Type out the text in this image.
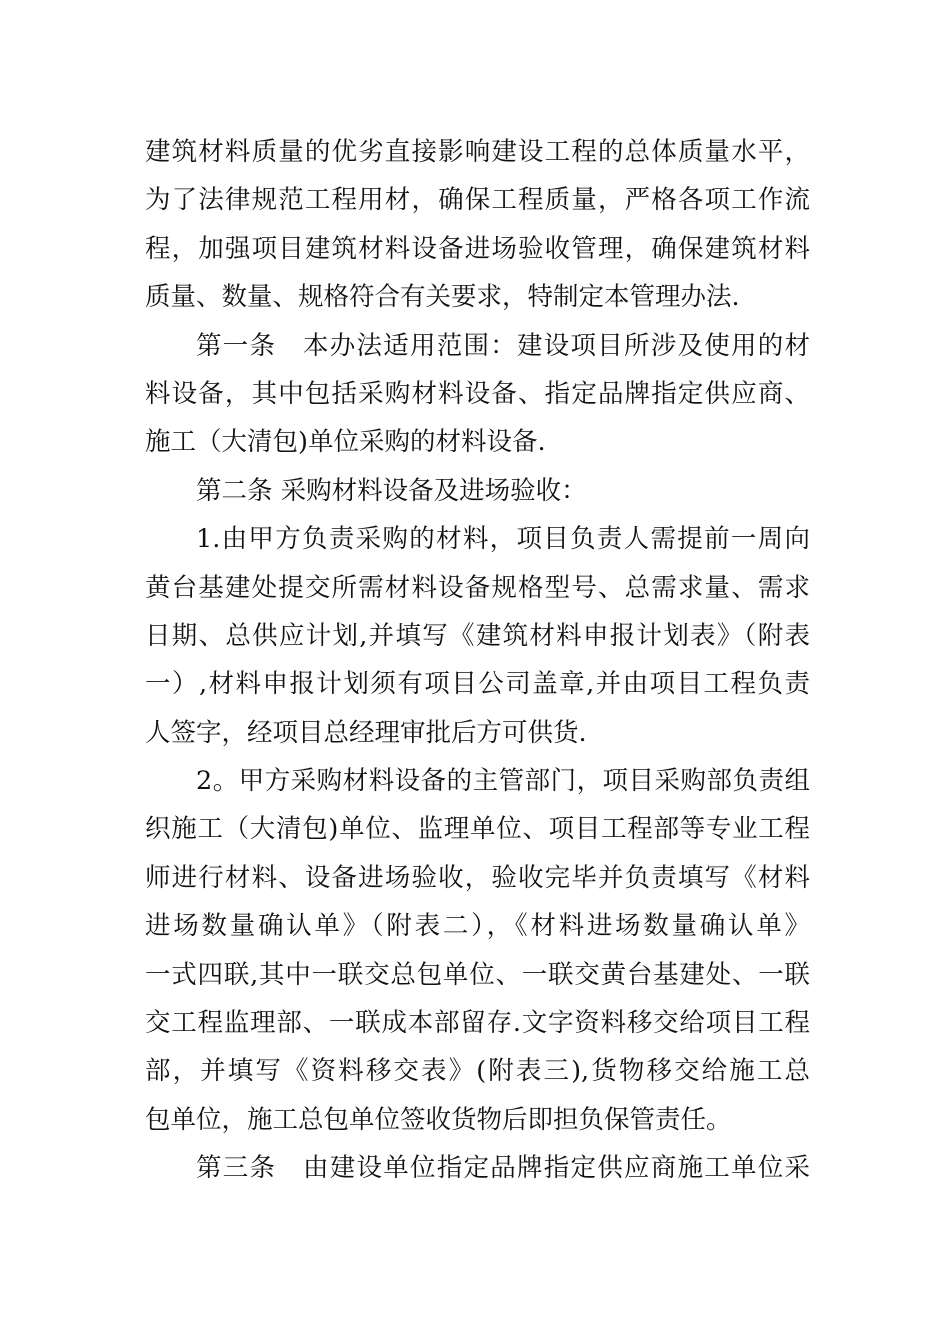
建筑材料质量的优劣直接影响建设工程的总体质量水平，
为了法律规范工程用材，确保工程质量，严格各项工作流
程，加强项目建筑材料设备进场验收管理，确保建筑材料
质量、数量、规格符合有关要求，特制定本管理办法.
第一条　本办法适用范围：建设项目所涉及使用的材
料设备，其中包括采购材料设备、指定品牌指定供应商、
施工（大清包)单位采购的材料设备.
第二条 采购材料设备及进场验收：
1.由甲方负责采购的材料，项目负责人需提前一周向
黄台基建处提交所需材料设备规格型号、总需求量、需求
日期、总供应计划,并填写《建筑材料申报计划表》（附表
一）,材料申报计划须有项目公司盖章,并由项目工程负责
人签字，经项目总经理审批后方可供货.
2。甲方采购材料设备的主管部门，项目采购部负责组
织施工（大清包)单位、监理单位、项目工程部等专业工程
师进行材料、设备进场验收，验收完毕并负责填写《材料
进场数量确认单》（附表二），《材料进场数量确认单》
一式四联,其中一联交总包单位、一联交黄台基建处、一联
交工程监理部、一联成本部留存.文字资料移交给项目工程
部，并填写《资料移交表》(附表三),货物移交给施工总
包单位，施工总包单位签收货物后即担负保管责任。
第三条　由建设单位指定品牌指定供应商施工单位采
